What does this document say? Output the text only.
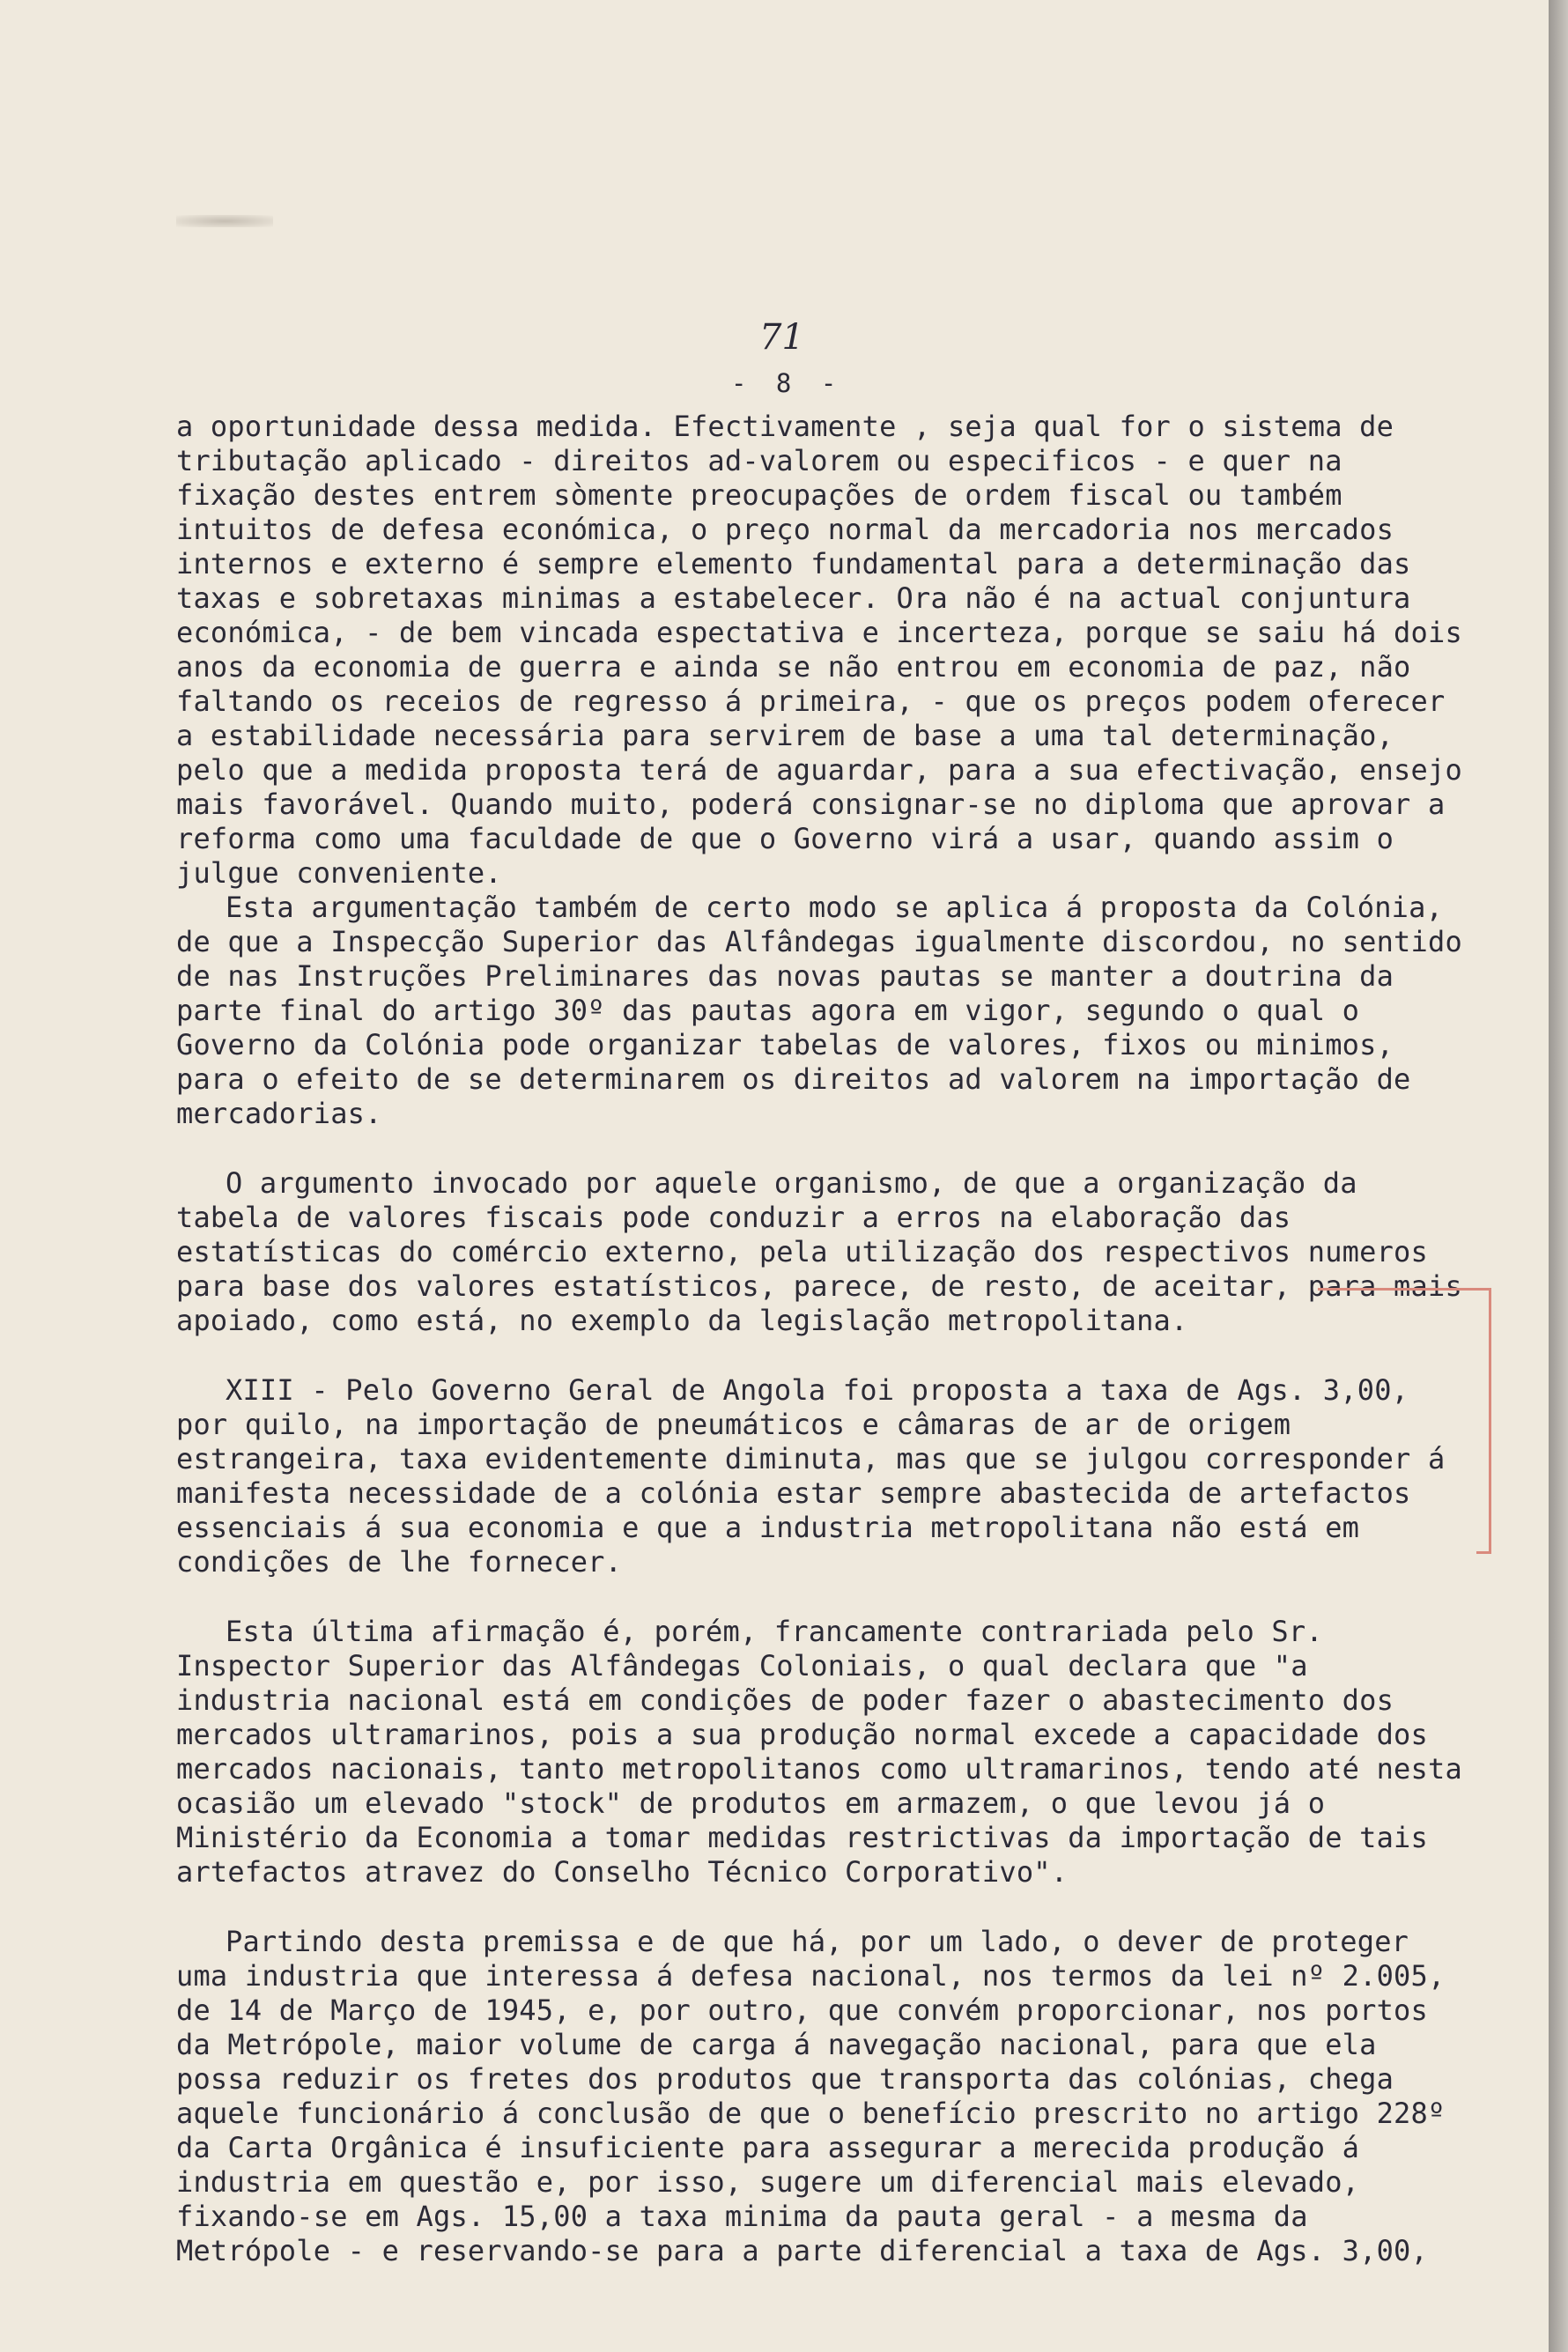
71
- 8 -

a oportunidade dessa medida. Efectivamente , seja qual for o sistema de tributação aplicado - direitos ad-valorem ou especificos - e quer na fixação destes entrem sòmente preocupações de ordem fiscal ou também intuitos de defesa económica, o preço normal da mercadoria nos mercados internos e externo é sempre elemento fundamental para a determinação das taxas e sobretaxas minimas a estabelecer. Ora não é na actual conjuntura económica, - de bem vincada espectativa e incerteza, porque se saiu há dois anos da economia de guerra e ainda se não entrou em economia de paz, não faltando os receios de regresso á primeira, - que os preços podem oferecer a estabilidade necessária para servirem de base a uma tal determinação, pelo que a medida proposta terá de aguardar, para a sua efectivação, ensejo mais favorável. Quando muito, poderá consignar-se no diploma que aprovar a reforma como uma faculdade de que o Governo virá a usar, quando assim o julgue conveniente.

Esta argumentação também de certo modo se aplica á proposta da Colónia, de que a Inspecção Superior das Alfândegas igualmente discordou, no sentido de nas Instruções Preliminares das novas pautas se manter a doutrina da parte final do artigo 30º das pautas agora em vigor, segundo o qual o Governo da Colónia pode organizar tabelas de valores, fixos ou minimos, para o efeito de se determinarem os direitos ad valorem na importação de mercadorias.

O argumento invocado por aquele organismo, de que a organização da tabela de valores fiscais pode conduzir a erros na elaboração das estatísticas do comércio externo, pela utilização dos respectivos numeros para base dos valores estatísticos, parece, de resto, de aceitar, para mais apoiado, como está, no exemplo da legislação metropolitana.

XIII - Pelo Governo Geral de Angola foi proposta a taxa de Ags. 3,00, por quilo, na importação de pneumáticos e câmaras de ar de origem estrangeira, taxa evidentemente diminuta, mas que se julgou corresponder á manifesta necessidade de a colónia estar sempre abastecida de artefactos essenciais á sua economia e que a industria metropolitana não está em condições de lhe fornecer.

Esta última afirmação é, porém, francamente contrariada pelo Sr. Inspector Superior das Alfândegas Coloniais, o qual declara que "a industria nacional está em condições de poder fazer o abastecimento dos mercados ultramarinos, pois a sua produção normal excede a capacidade dos mercados nacionais, tanto metropolitanos como ultramarinos, tendo até nesta ocasião um elevado "stock" de produtos em armazem, o que levou já o Ministério da Economia a tomar medidas restrictivas da importação de tais artefactos atravez do Conselho Técnico Corporativo".

Partindo desta premissa e de que há, por um lado, o dever de proteger uma industria que interessa á defesa nacional, nos termos da lei nº 2.005, de 14 de Março de 1945, e, por outro, que convém proporcionar, nos portos da Metrópole, maior volume de carga á navegação nacional, para que ela possa reduzir os fretes dos produtos que transporta das colónias, chega aquele funcionário á conclusão de que o benefício prescrito no artigo 228º da Carta Orgânica é insuficiente para assegurar a merecida produção á industria em questão e, por isso, sugere um diferencial mais elevado, fixando-se em Ags. 15,00 a taxa minima da pauta geral - a mesma da Metrópole - e reservando-se para a parte diferencial a taxa de Ags. 3,00,
